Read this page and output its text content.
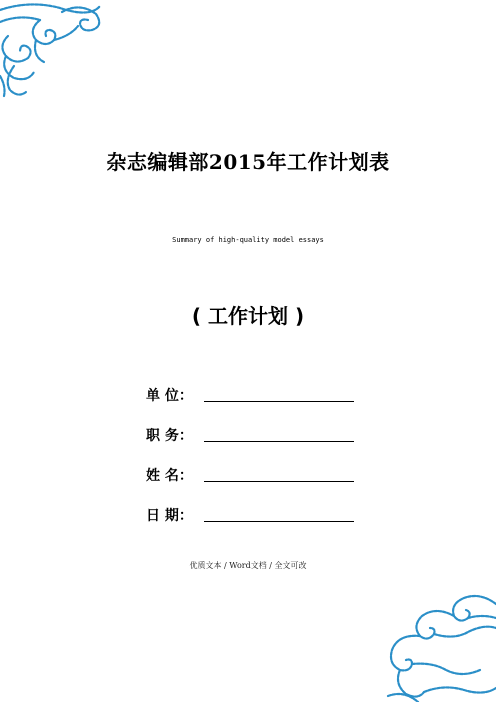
杂志编辑部2015年工作计划表
Summary of high-quality model essays
( 工作计划 )
单 位：
职 务：
姓 名：
日 期：
优质文本 / Word文档 / 全文可改
